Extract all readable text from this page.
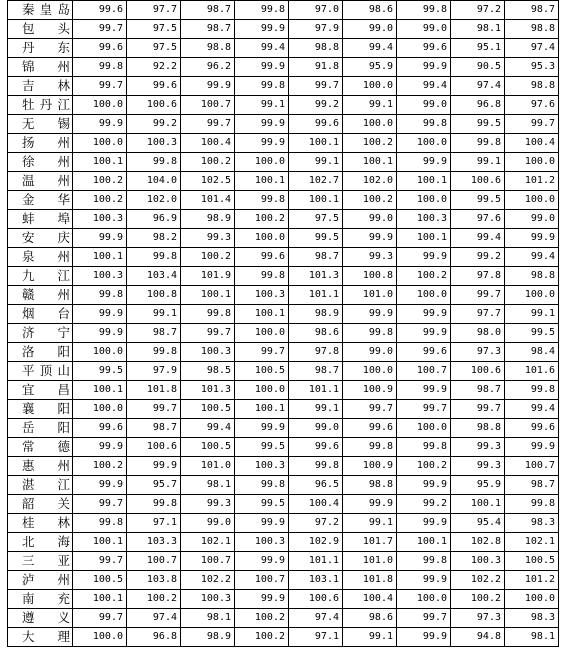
秦 皇 岛	99.6	97.7	98.7	99.8	97.0	98.6	99.8	97.2	98.7

包 头	99.7	97.5	98.7	99.9	97.9	99.0	99.0	98.1	98.8

丹 东	99.6	97.5	98.8	99.4	98.8	99.4	99.6	95.1	97.4

锦 州	99.8	92.2	96.2	99.9	91.8	95.9	99.9	90.5	95.3

吉 林	99.7	99.6	99.9	99.8	99.7	100.0	99.4	97.4	98.8

牡 丹 江	100.0	100.6	100.7	99.1	99.2	99.1	99.0	96.8	97.6

无 锡	99.9	99.2	99.7	99.9	99.6	100.0	99.8	99.5	99.7

扬 州	100.0	100.3	100.4	99.9	100.1	100.2	100.0	99.8	100.4

徐 州	100.1	99.8	100.2	100.0	99.1	100.1	99.9	99.1	100.0

温 州	100.2	104.0	102.5	100.1	102.7	102.0	100.1	100.6	101.2

金 华	100.2	102.0	101.4	99.8	100.1	100.2	100.0	99.5	100.0

蚌 埠	100.3	96.9	98.9	100.2	97.5	99.0	100.3	97.6	99.0

安 庆	99.9	98.2	99.3	100.0	99.5	99.9	100.1	99.4	99.9

泉 州	100.1	99.8	100.2	99.6	98.7	99.3	99.9	99.2	99.4

九 江	100.3	103.4	101.9	99.8	101.3	100.8	100.2	97.8	98.8

赣 州	99.8	100.8	100.1	100.3	101.1	101.0	100.0	99.7	100.0

烟 台	99.9	99.1	99.8	100.1	98.9	99.9	99.9	97.7	99.1

济 宁	99.9	98.7	99.7	100.0	98.6	99.8	99.9	98.0	99.5

洛 阳	100.0	99.8	100.3	99.7	97.8	99.0	99.6	97.3	98.4

平 顶 山	99.5	97.9	98.5	100.5	98.7	100.0	100.7	100.6	101.6

宜 昌	100.1	101.8	101.3	100.0	101.1	100.9	99.9	98.7	99.8

襄 阳	100.0	99.7	100.5	100.1	99.1	99.7	99.7	99.7	99.4

岳 阳	99.6	98.7	99.4	99.9	99.0	99.6	100.0	98.8	99.6

常 德	99.9	100.6	100.5	99.5	99.6	99.8	99.8	99.3	99.9

惠 州	100.2	99.9	101.0	100.3	99.8	100.9	100.2	99.3	100.7

湛 江	99.9	95.7	98.1	99.8	96.5	98.8	99.9	95.9	98.7

韶 关	99.7	99.8	99.3	99.5	100.4	99.9	99.2	100.1	99.8

桂 林	99.8	97.1	99.0	99.9	97.2	99.1	99.9	95.4	98.3

北 海	100.1	103.3	102.1	100.3	102.9	101.7	100.1	102.8	102.1

三 亚	99.7	100.7	100.7	99.9	101.1	101.0	99.8	100.3	100.5

泸 州	100.5	103.8	102.2	100.7	103.1	101.8	99.9	102.2	101.2

南 充	100.1	100.2	100.3	99.9	100.6	100.4	100.0	100.2	100.0

遵 义	99.7	97.4	98.1	100.2	97.4	98.6	99.7	97.3	98.3

大 理	100.0	96.8	98.9	100.2	97.1	99.1	99.9	94.8	98.1
